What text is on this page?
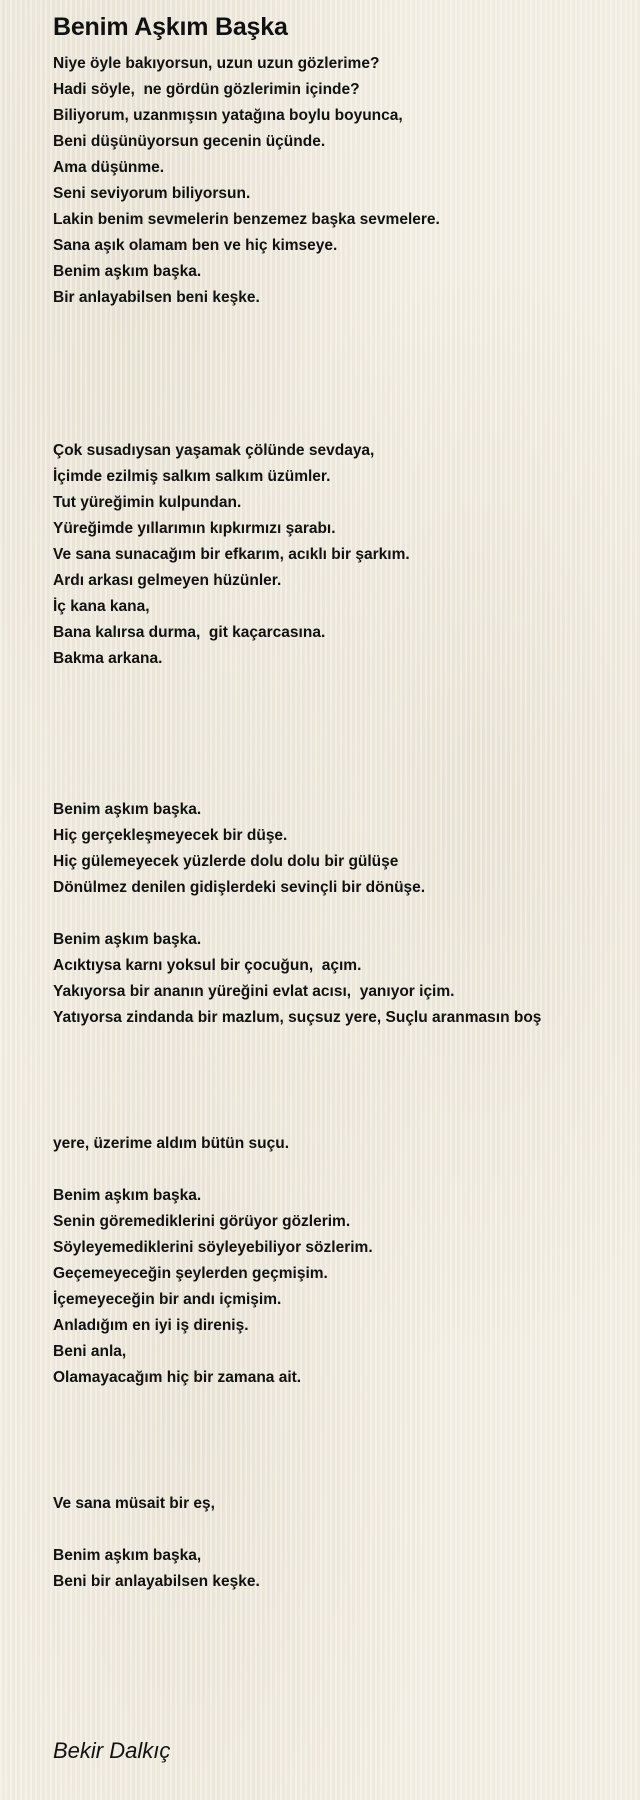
Benim Aşkım Başka
Niye öyle bakıyorsun, uzun uzun gözlerime?
Hadi söyle,  ne gördün gözlerimin içinde?
Biliyorum, uzanmışsın yatağına boylu boyunca,
Beni düşünüyorsun gecenin üçünde.
Ama düşünme.
Seni seviyorum biliyorsun.
Lakin benim sevmelerin benzemez başka sevmelere.
Sana aşık olamam ben ve hiç kimseye.
Benim aşkım başka.
Bir anlayabilsen beni keşke.
Çok susadıysan yaşamak çölünde sevdaya,
İçimde ezilmiş salkım salkım üzümler.
Tut yüreğimin kulpundan.
Yüreğimde yıllarımın kıpkırmızı şarabı.
Ve sana sunacağım bir efkarım, acıklı bir şarkım.
Ardı arkası gelmeyen hüzünler.
İç kana kana,
Bana kalırsa durma,  git kaçarcasına.
Bakma arkana.
Benim aşkım başka.
Hiç gerçekleşmeyecek bir düşe.
Hiç gülemeyecek yüzlerde dolu dolu bir gülüşe
Dönülmez denilen gidişlerdeki sevinçli bir dönüşe.
Benim aşkım başka.
Acıktıysa karnı yoksul bir çocuğun,  açım.
Yakıyorsa bir ananın yüreğini evlat acısı,  yanıyor içim.
Yatıyorsa zindanda bir mazlum, suçsuz yere, Suçlu aranmasın boş
yere, üzerime aldım bütün suçu.
Benim aşkım başka.
Senin göremediklerini görüyor gözlerim.
Söyleyemediklerini söyleyebiliyor sözlerim.
Geçemeyeceğin şeylerden geçmişim.
İçemeyeceğin bir andı içmişim.
Anladığım en iyi iş direniş.
Beni anla,
Olamayacağım hiç bir zamana ait.
Ve sana müsait bir eş,
Benim aşkım başka,
Beni bir anlayabilsen keşke.
Bekir Dalkıç
